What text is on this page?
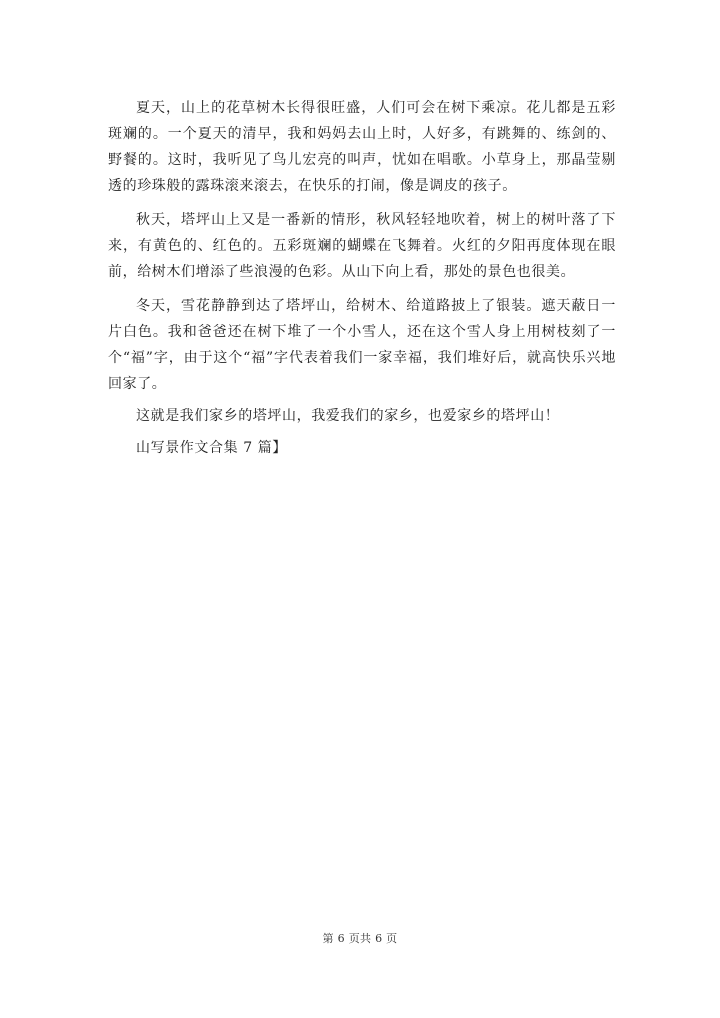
夏天，山上的花草树木长得很旺盛，人们可会在树下乘凉。花儿都是五彩斑斓的。一个夏天的清早，我和妈妈去山上时，人好多，有跳舞的、练剑的、野餐的。这时，我听见了鸟儿宏亮的叫声，忧如在唱歌。小草身上，那晶莹剔透的珍珠般的露珠滚来滚去，在快乐的打闹，像是调皮的孩子。

秋天，塔坪山上又是一番新的情形，秋风轻轻地吹着，树上的树叶落了下来，有黄色的、红色的。五彩斑斓的蝴蝶在飞舞着。火红的夕阳再度体现在眼前，给树木们增添了些浪漫的色彩。从山下向上看，那处的景色也很美。

冬天，雪花静静到达了塔坪山，给树木、给道路披上了银装。遮天蔽日一片白色。我和爸爸还在树下堆了一个小雪人，还在这个雪人身上用树枝刻了一个“福”字，由于这个“福”字代表着我们一家幸福，我们堆好后，就高快乐兴地回家了。

这就是我们家乡的塔坪山，我爱我们的家乡，也爱家乡的塔坪山！

山写景作文合集 7 篇】

第 6 页共 6 页
